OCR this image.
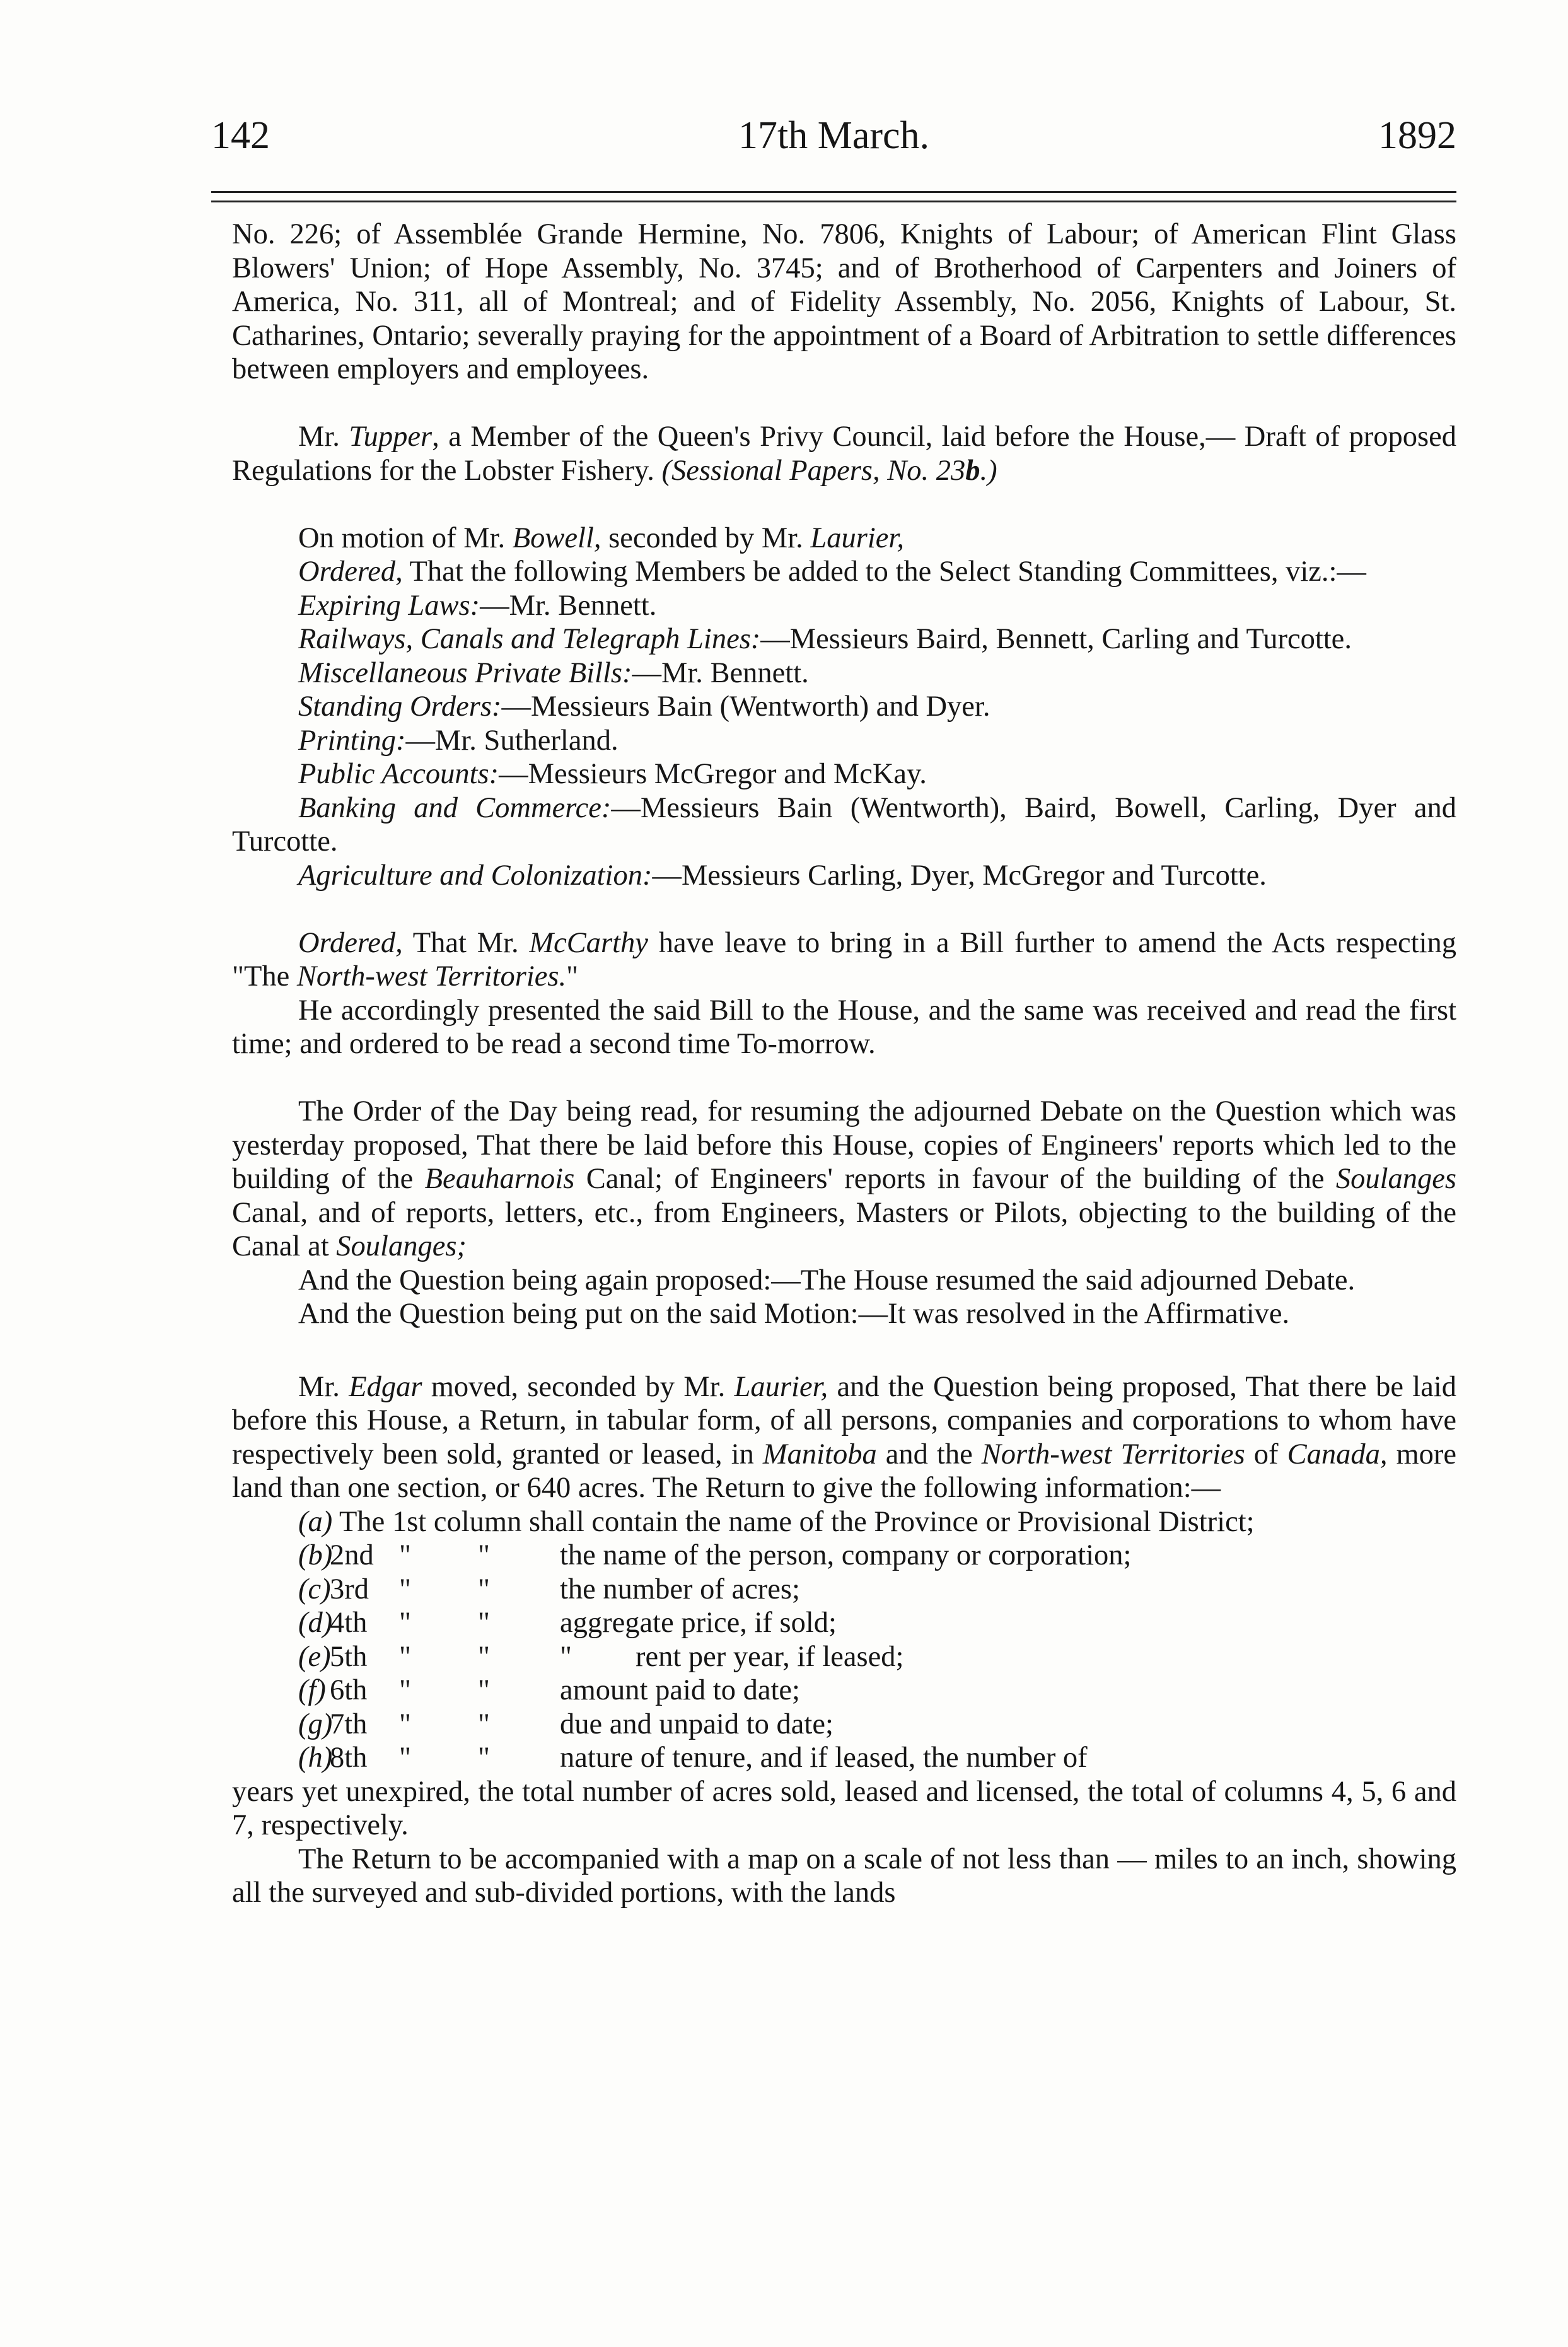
142	17th March.	1892

No. 226; of Assemblée Grande Hermine, No. 7806, Knights of Labour; of American Flint Glass Blowers' Union; of Hope Assembly, No. 3745; and of Brotherhood of Carpenters and Joiners of America, No. 311, all of Montreal; and of Fidelity Assembly, No. 2056, Knights of Labour, St. Catharines, Ontario; severally praying for the appointment of a Board of Arbitration to settle differences between employers and employees.

Mr. Tupper, a Member of the Queen's Privy Council, laid before the House,— Draft of proposed Regulations for the Lobster Fishery. (Sessional Papers, No. 23b.)

On motion of Mr. Bowell, seconded by Mr. Laurier,

Ordered, That the following Members be added to the Select Standing Committees, viz.:—

Expiring Laws:—Mr. Bennett.

Railways, Canals and Telegraph Lines:—Messieurs Baird, Bennett, Carling and Turcotte.

Miscellaneous Private Bills:—Mr. Bennett.

Standing Orders:—Messieurs Bain (Wentworth) and Dyer.

Printing:—Mr. Sutherland.

Public Accounts:—Messieurs McGregor and McKay.

Banking and Commerce:—Messieurs Bain (Wentworth), Baird, Bowell, Carling, Dyer and Turcotte.

Agriculture and Colonization:—Messieurs Carling, Dyer, McGregor and Turcotte.

Ordered, That Mr. McCarthy have leave to bring in a Bill further to amend the Acts respecting "The North-west Territories."

He accordingly presented the said Bill to the House, and the same was received and read the first time; and ordered to be read a second time To-morrow.

The Order of the Day being read, for resuming the adjourned Debate on the Question which was yesterday proposed, That there be laid before this House, copies of Engineers' reports which led to the building of the Beauharnois Canal; of Engineers' reports in favour of the building of the Soulanges Canal, and of reports, letters, etc., from Engineers, Masters or Pilots, objecting to the building of the Canal at Soulanges;

And the Question being again proposed:—The House resumed the said adjourned Debate.

And the Question being put on the said Motion:—It was resolved in the Affirmative.

Mr. Edgar moved, seconded by Mr. Laurier, and the Question being proposed, That there be laid before this House, a Return, in tabular form, of all persons, companies and corporations to whom have respectively been sold, granted or leased, in Manitoba and the North-west Territories of Canada, more land than one section, or 640 acres. The Return to give the following information:—

(a) The 1st column shall contain the name of the Province or Provisional District;
(b)
2nd "	"	the name of the person, company or corporation;
(c)
3rd	"	"	the number of acres;
(d)
4th	"	"	aggregate price, if sold;
(e)
5th	"	"	" rent per year, if leased;
(f) 6th	"	"	amount paid to date;
(g)
7th	"	"	due and unpaid to date;
(h)
8th	"	"	nature of tenure, and if leased, the number of

years yet unexpired, the total number of acres sold, leased and licensed, the total of columns 4, 5, 6 and 7, respectively.

The Return to be accompanied with a map on a scale of not less than — miles to an inch, showing all the surveyed and sub-divided portions, with the lands
